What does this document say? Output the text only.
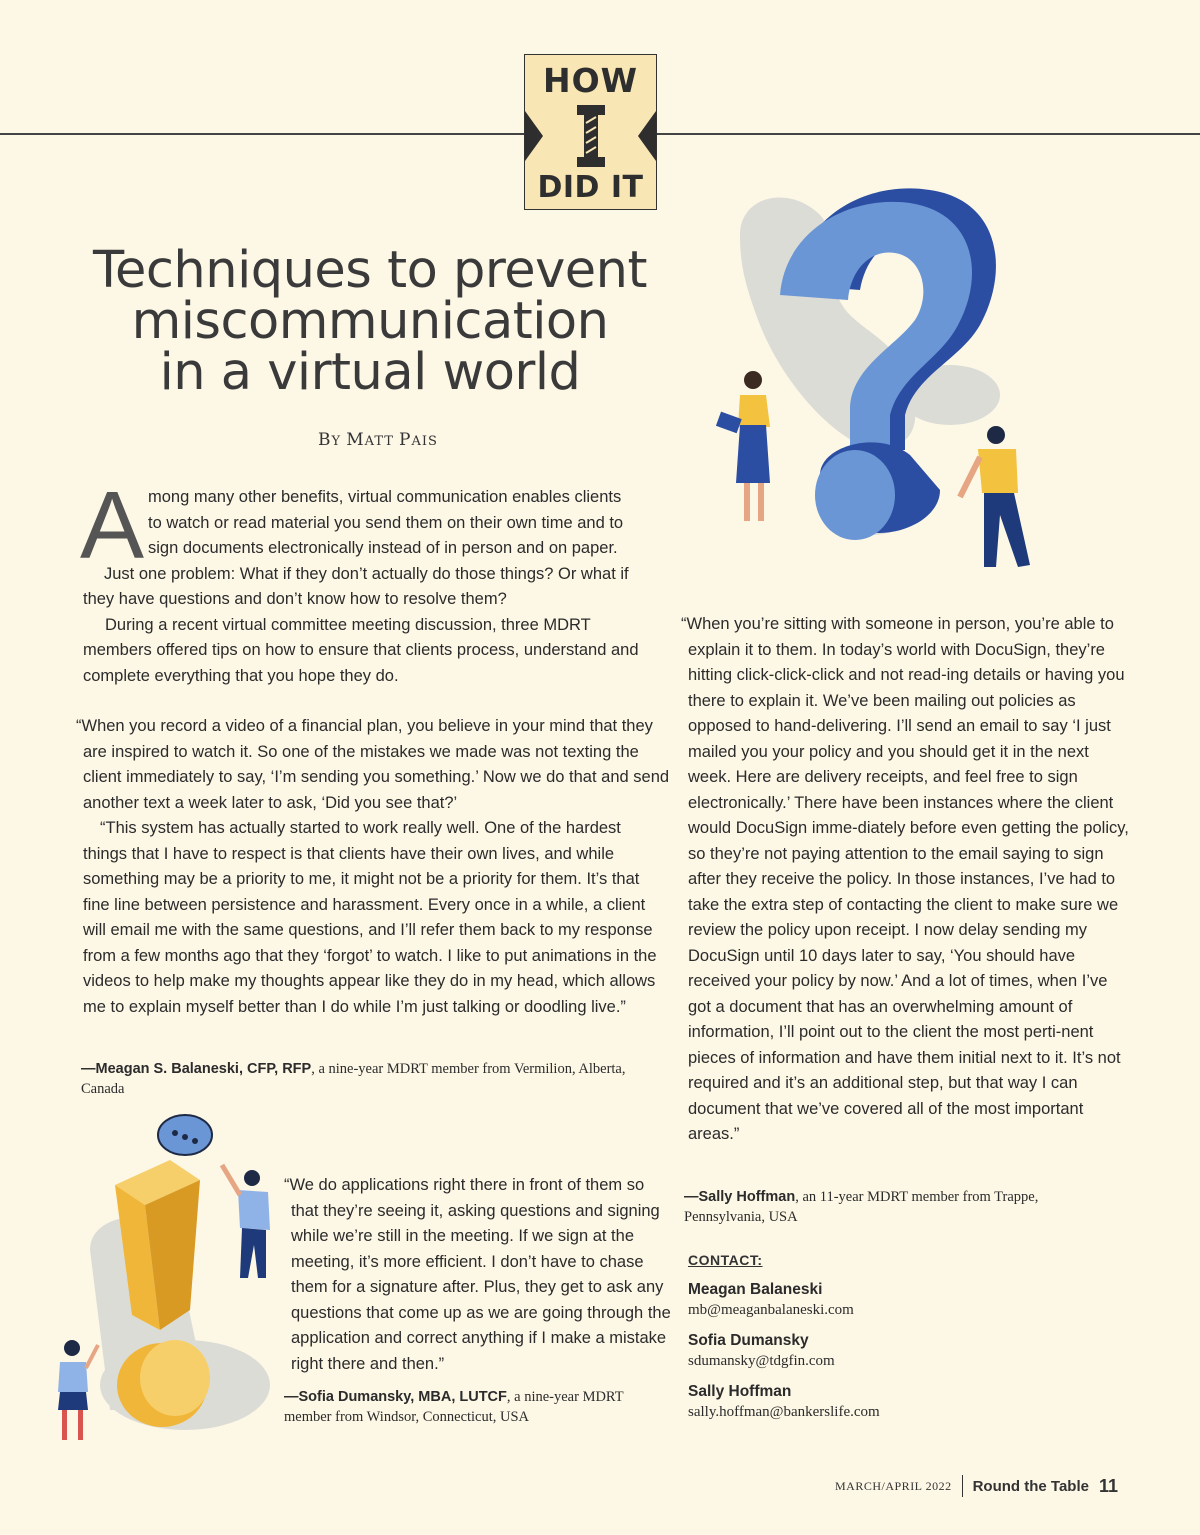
HOW
DID IT
Techniques to prevent
miscommunication
in a virtual world
BY MATT PAIS
A mong many other benefits, virtual communication enables clients
to watch or read material you send them on their own time and to
sign documents electronically instead of in person and on paper.

Just one problem: What if they don’t actually do those things? Or what if they have questions and don’t know how to resolve them?

During a recent virtual committee meeting discussion, three MDRT members offered tips on how to ensure that clients process, understand and complete everything that you hope they do.

“When you record a video of a financial plan, you believe in your mind that they are inspired to watch it. So one of the mistakes we made was not texting the client immediately to say, ‘I’m sending you something.’ Now we do that and send another text a week later to ask, ‘Did you see that?’

“This system has actually started to work really well. One of the hardest things that I have to respect is that clients have their own lives, and while something may be a priority to me, it might not be a priority for them. It’s that fine line between persistence and harassment. Every once in a while, a client will email me with the same questions, and I’ll refer them back to my response from a few months ago that they ‘forgot’ to watch. I like to put animations in the videos to help make my thoughts appear like they do in my head, which allows me to explain myself better than I do while I’m just talking or doodling live.”

—Meagan S. Balaneski, CFP, RFP, a nine-year MDRT member from Vermilion, Alberta, Canada

“We do applications right there in front of them so that they’re seeing it, asking questions and signing while we’re still in the meeting. If we sign at the meeting, it’s more efficient. I don’t have to chase them for a signature after. Plus, they get to ask any questions that come up as we are going through the application and correct anything if I make a mistake right there and then.”

—Sofia Dumansky, MBA, LUTCF, a nine-year MDRT member from Windsor, Connecticut, USA

“When you’re sitting with someone in person, you’re able to explain it to them. In today’s world with DocuSign, they’re hitting click-click-click and not read-ing details or having you there to explain it. We’ve been mailing out policies as opposed to hand-delivering. I’ll send an email to say ‘I just mailed you your policy and you should get it in the next week. Here are delivery receipts, and feel free to sign electronically.’ There have been instances where the client would DocuSign imme-diately before even getting the policy, so they’re not paying attention to the email saying to sign after they receive the policy. In those instances, I’ve had to take the extra step of contacting the client to make sure we review the policy upon receipt. I now delay sending my DocuSign until 10 days later to say, ‘You should have received your policy by now.’ And a lot of times, when I’ve got a document that has an overwhelming amount of information, I’ll point out to the client the most perti-nent pieces of information and have them initial next to it. It’s not required and it’s an additional step, but that way I can document that we’ve covered all of the most important areas.”

—Sally Hoffman, an 11-year MDRT member from Trappe, Pennsylvania, USA
CONTACT:
Meagan Balaneski
mb@meaganbalaneski.com
Sofia Dumansky
sdumansky@tdgfin.com
Sally Hoffman
sally.hoffman@bankerslife.com
MARCH/APRIL 2022 Round the Table 11
